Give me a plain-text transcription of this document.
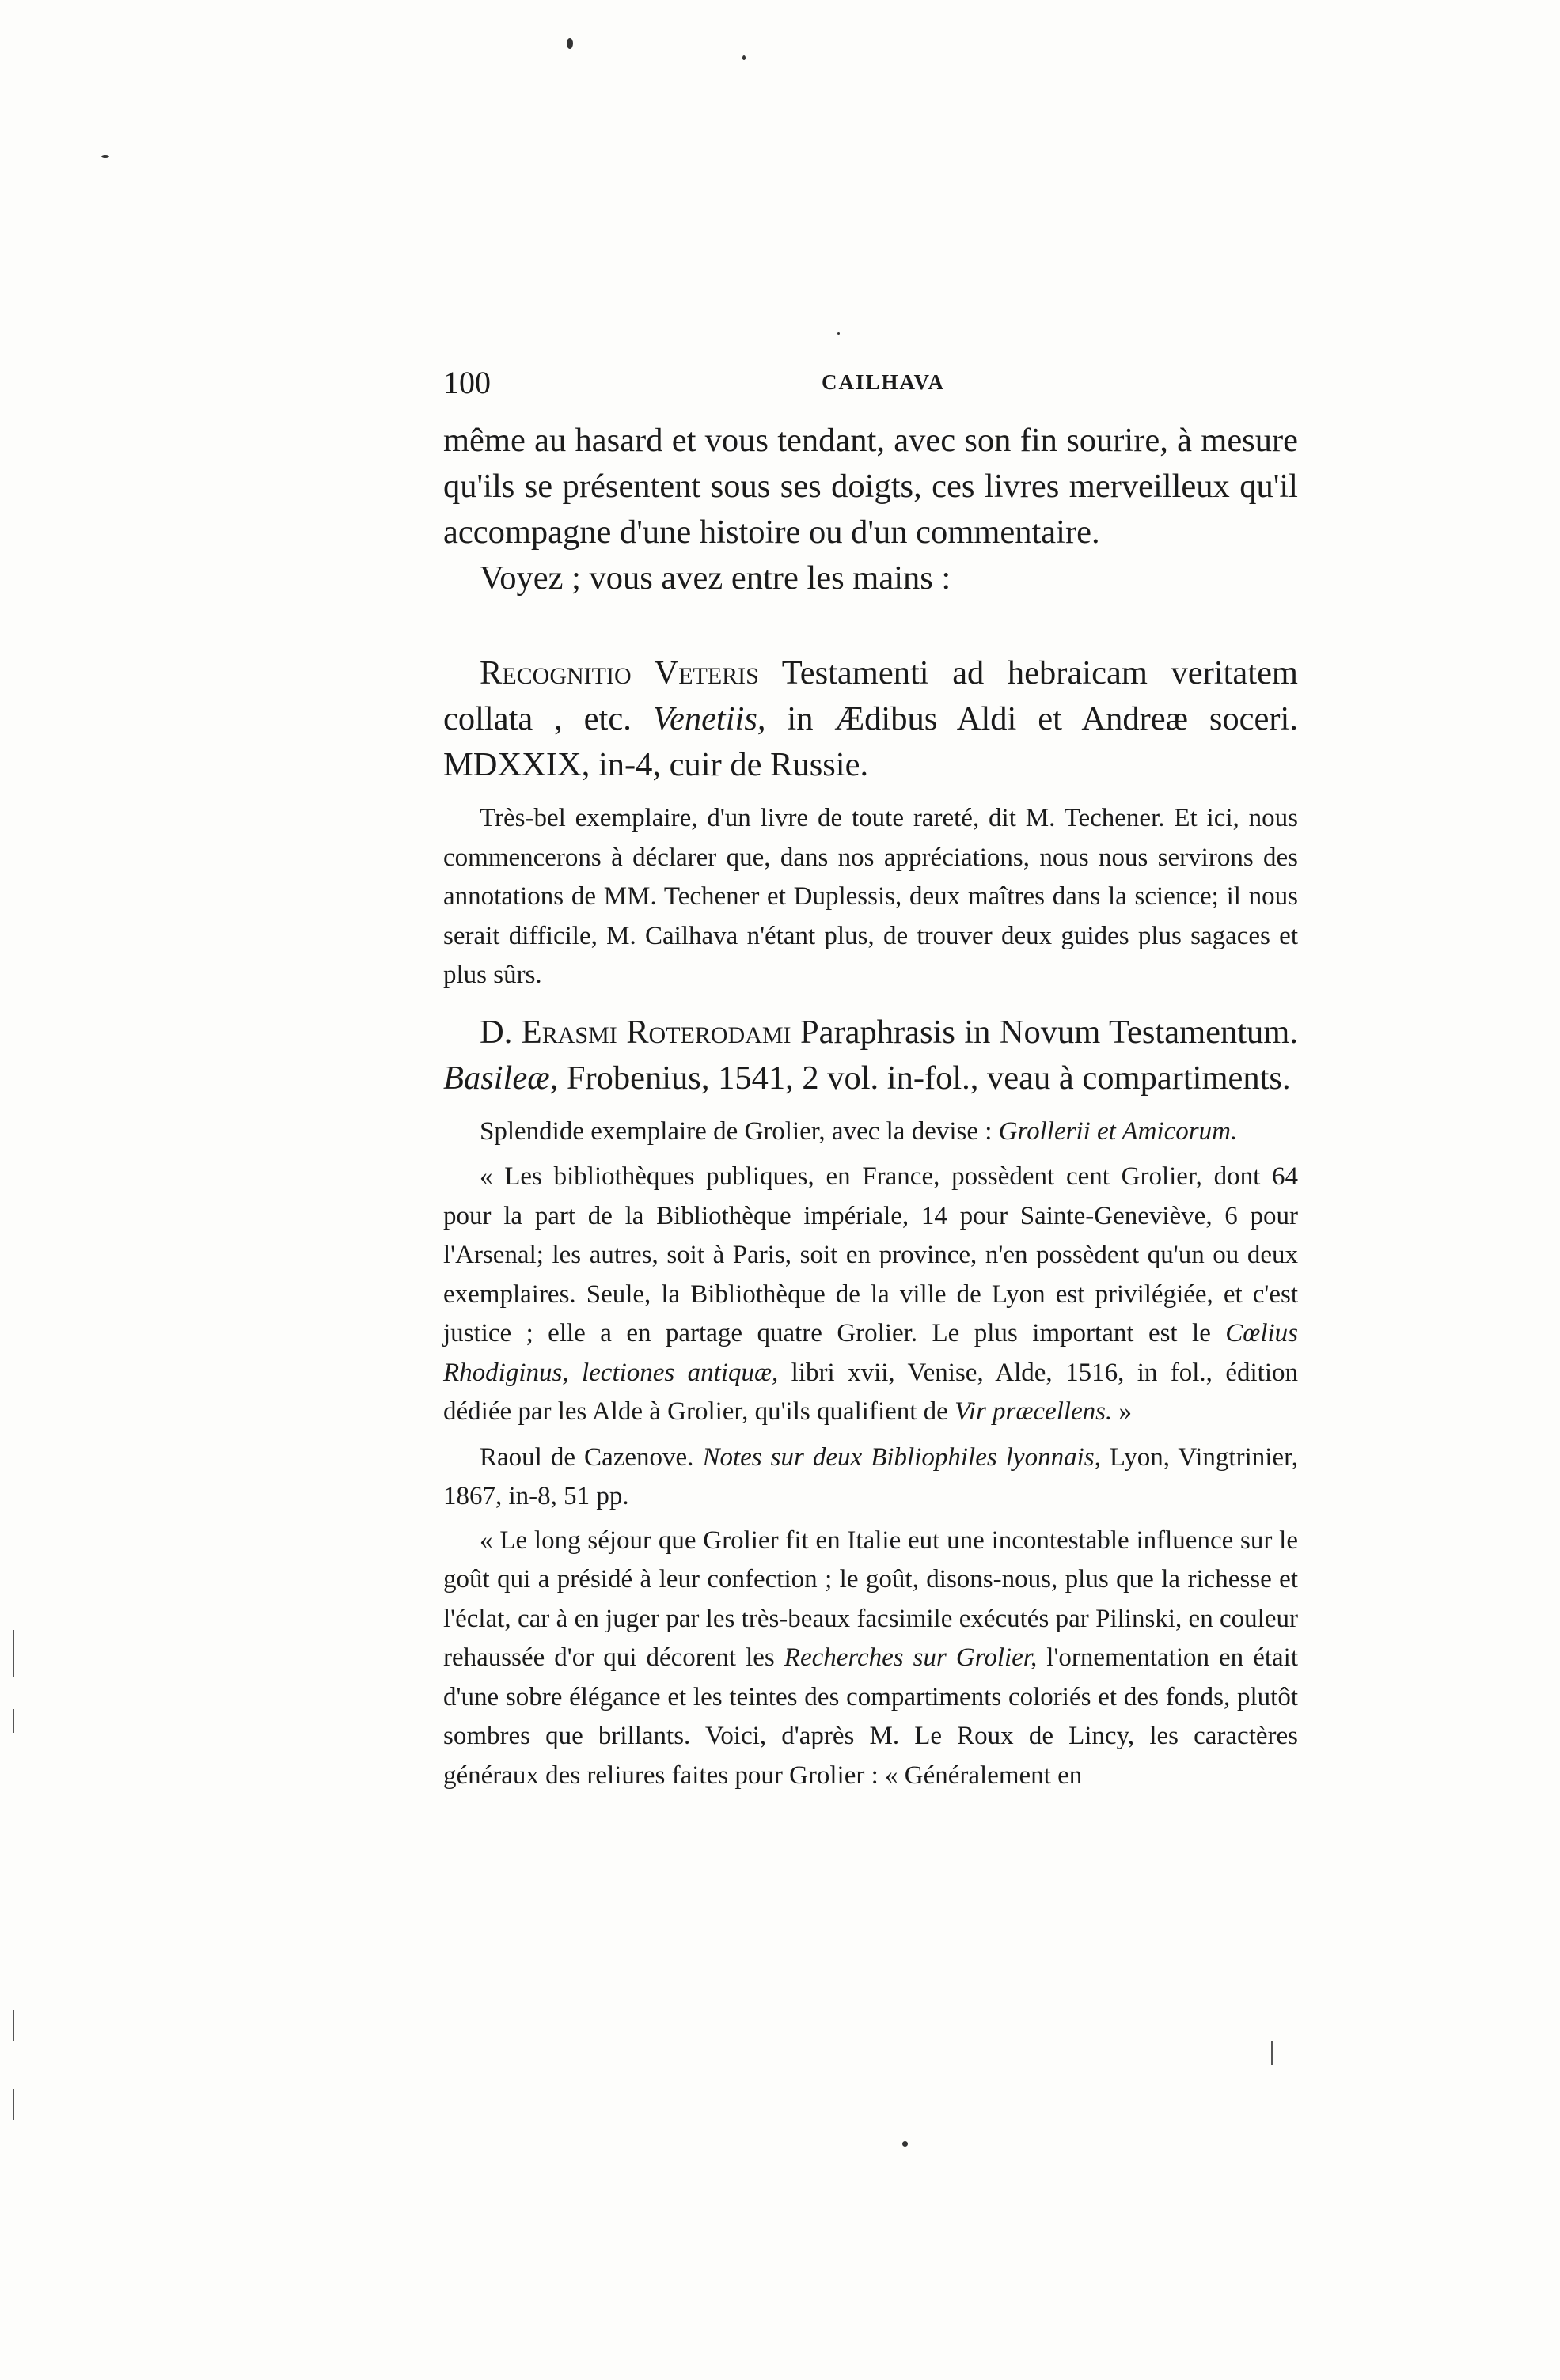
100	CAILHAVA

même au hasard et vous tendant, avec son fin sourire, à mesure qu'ils se présentent sous ses doigts, ces livres merveilleux qu'il accompagne d'une histoire ou d'un commentaire.

Voyez ; vous avez entre les mains :

Recognitio Veteris Testamenti ad hebraicam veritatem collata , etc. Venetiis, in Ædibus Aldi et Andreæ soceri. MDXXIX, in-4, cuir de Russie.

Très-bel exemplaire, d'un livre de toute rareté, dit M. Techener. Et ici, nous commencerons à déclarer que, dans nos appréciations, nous nous servirons des annotations de MM. Techener et Duplessis, deux maîtres dans la science; il nous serait difficile, M. Cailhava n'étant plus, de trouver deux guides plus sagaces et plus sûrs.

D. Erasmi Roterodami Paraphrasis in Novum Testamentum. Basileæ, Frobenius, 1541, 2 vol. in-fol., veau à compartiments.

Splendide exemplaire de Grolier, avec la devise : Grollerii et Amicorum.

« Les bibliothèques publiques, en France, possèdent cent Grolier, dont 64 pour la part de la Bibliothèque impériale, 14 pour Sainte-Geneviève, 6 pour l'Arsenal; les autres, soit à Paris, soit en province, n'en possèdent qu'un ou deux exemplaires. Seule, la Bibliothèque de la ville de Lyon est privilégiée, et c'est justice ; elle a en partage quatre Grolier. Le plus important est le Cœlius Rhodiginus, lectiones antiquæ, libri xvii, Venise, Alde, 1516, in fol., édition dédiée par les Alde à Grolier, qu'ils qualifient de Vir præcellens. »

Raoul de Cazenove. Notes sur deux Bibliophiles lyonnais, Lyon, Vingtrinier, 1867, in-8, 51 pp.

« Le long séjour que Grolier fit en Italie eut une incontestable influence sur le goût qui a présidé à leur confection ; le goût, disons-nous, plus que la richesse et l'éclat, car à en juger par les très-beaux facsimile exécutés par Pilinski, en couleur rehaussée d'or qui décorent les Recherches sur Grolier, l'ornementation en était d'une sobre élégance et les teintes des compartiments coloriés et des fonds, plutôt sombres que brillants. Voici, d'après M. Le Roux de Lincy, les caractères généraux des reliures faites pour Grolier : « Généralement en
